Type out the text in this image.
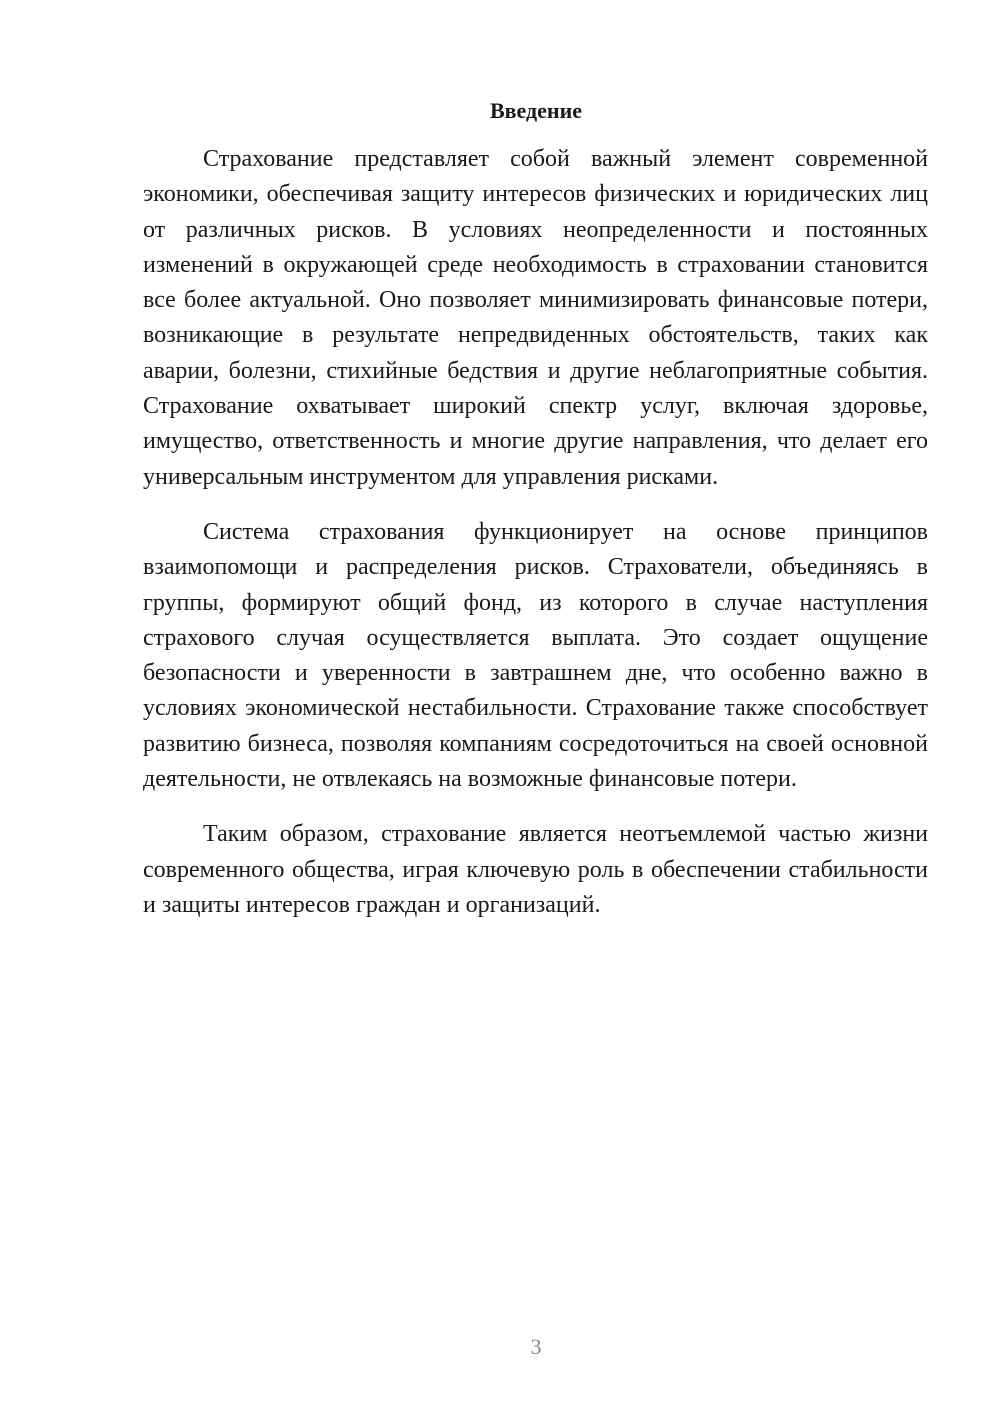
Введение

Страхование представляет собой важный элемент современной экономики, обеспечивая защиту интересов физических и юридических лиц от различных рисков. В условиях неопределенности и постоянных изменений в окружающей среде необходимость в страховании становится все более актуальной. Оно позволяет минимизировать финансовые потери, возникающие в результате непредвиденных обстоятельств, таких как аварии, болезни, стихийные бедствия и другие неблагоприятные события. Страхование охватывает широкий спектр услуг, включая здоровье, имущество, ответственность и многие другие направления, что делает его универсальным инструментом для управления рисками.

Система страхования функционирует на основе принципов взаимопомощи и распределения рисков. Страхователи, объединяясь в группы, формируют общий фонд, из которого в случае наступления страхового случая осуществляется выплата. Это создает ощущение безопасности и уверенности в завтрашнем дне, что особенно важно в условиях экономической нестабильности. Страхование также способствует развитию бизнеса, позволяя компаниям сосредоточиться на своей основной деятельности, не отвлекаясь на возможные финансовые потери.

Таким образом, страхование является неотъемлемой частью жизни современного общества, играя ключевую роль в обеспечении стабильности и защиты интересов граждан и организаций.

3
